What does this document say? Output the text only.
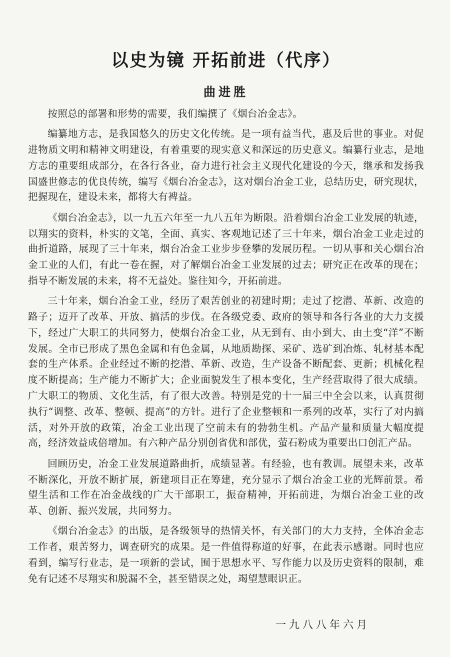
以史为镜 开拓前进（代序）
曲进胜

按照总的部署和形势的需要，我们编撰了《烟台冶金志》。

编纂地方志，是我国悠久的历史文化传统。是一项有益当代，惠及后世的事业。对促进物质文明和精神文明建设，有着重要的现实意义和深远的历史意义。编纂行业志，是地方志的重要组成部分，在各行各业，奋力进行社会主义现代化建设的今天，继承和发扬我国盛世修志的优良传统，编写《烟台冶金志》，这对烟台冶金工业，总结历史，研究现状，把握现在，建设未来，都将大有裨益。

《烟台冶金志》，以一九五六年至一九八五年为断限。沿着烟台冶金工业发展的轨迹，以翔实的资料，朴实的文笔，全面、真实、客观地记述了三十年来，烟台冶金工业走过的曲折道路，展现了三十年来，烟台冶金工业步步登攀的发展历程。一切从事和关心烟台冶金工业的人们，有此一卷在握，对了解烟台冶金工业发展的过去；研究正在改革的现在；指导不断发展的未来，将不无益处。鉴往知今，开拓前进。

三十年来，烟台冶金工业，经历了艰苦创业的初建时期；走过了挖潜、革新、改造的路子；迈开了改革、开放、搞活的步伐。在各级党委、政府的领导和各行各业的大力支援下，经过广大职工的共同努力，使烟台冶金工业，从无到有、由小到大、由土变“洋”不断发展。全市已形成了黑色金属和有色金属，从地质勘探、采矿、选矿到冶炼、轧材基本配套的生产体系。企业经过不断的挖潜、革新、改造，生产设备不断配套、更新；机械化程度不断提高；生产能力不断扩大；企业面貌发生了根本变化，生产经营取得了很大成绩。广大职工的物质、文化生活，有了很大改善。特别是党的十一届三中全会以来，认真贯彻执行“调整、改革、整顿、提高”的方针。进行了企业整顿和一系列的改革，实行了对内搞活，对外开放的政策，冶金工业出现了空前未有的勃勃生机。产品产量和质量大幅度提高，经济效益成倍增加。有六种产品分别创省优和部优，萤石粉成为重要出口创汇产品。

回顾历史，冶金工业发展道路曲折，成绩显著。有经验，也有教训。展望未来，改革不断深化，开放不断扩展，新建项目正在筹建，充分显示了烟台冶金工业的光辉前景。希望生活和工作在冶金战线的广大干部职工，振奋精神，开拓前进，为烟台冶金工业的改革、创新、振兴发展，共同努力。

《烟台冶金志》的出版，是各级领导的热情关怀，有关部门的大力支持，全体冶金志工作者，艰苦努力，调查研究的成果。是一件值得称道的好事，在此表示感谢。同时也应看到，编写行业志，是一项新的尝试，囿于思想水平、写作能力以及历史资料的限制，难免有记述不尽翔实和脱漏不全，甚至错误之处，竭望慧眼识正。

一九八八年六月
